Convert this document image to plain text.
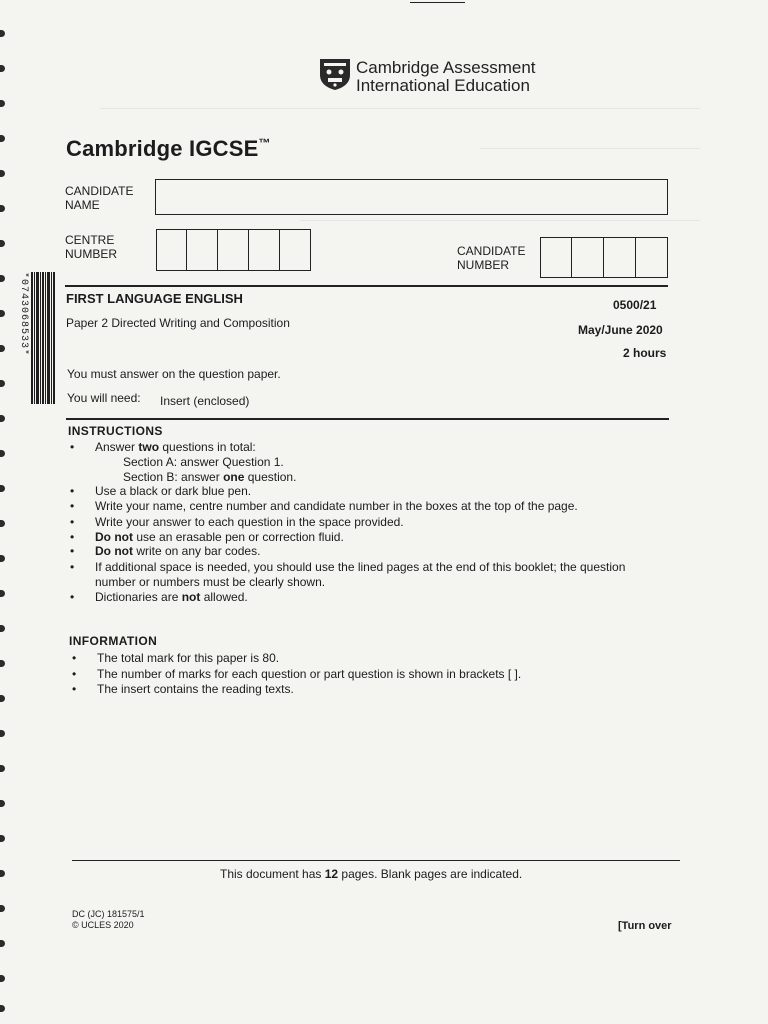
Cambridge Assessment
International Education
Cambridge IGCSE™
CANDIDATE
NAME
CENTRE
NUMBER	CANDIDATE
NUMBER
*0743068533*	FIRST LANGUAGE ENGLISH	0500/21
Paper 2 Directed Writing and Composition	May/June 2020
2 hours
You must answer on the question paper.
You will need: Insert (enclosed)
INSTRUCTIONS
• Answer two questions in total:
Section A: answer Question 1.
Section B: answer one question.
• Use a black or dark blue pen.
• Write your name, centre number and candidate number in the boxes at the top of the page.
• Write your answer to each question in the space provided.
• Do not use an erasable pen or correction fluid.
• Do not write on any bar codes.
• If additional space is needed, you should use the lined pages at the end of this booklet; the question
number or numbers must be clearly shown.
• Dictionaries are not allowed.
INFORMATION
• The total mark for this paper is 80.
• The number of marks for each question or part question is shown in brackets [ ].
• The insert contains the reading texts.
This document has 12 pages. Blank pages are indicated.
DC (JC) 181575/1
© UCLES 2020	[Turn over
